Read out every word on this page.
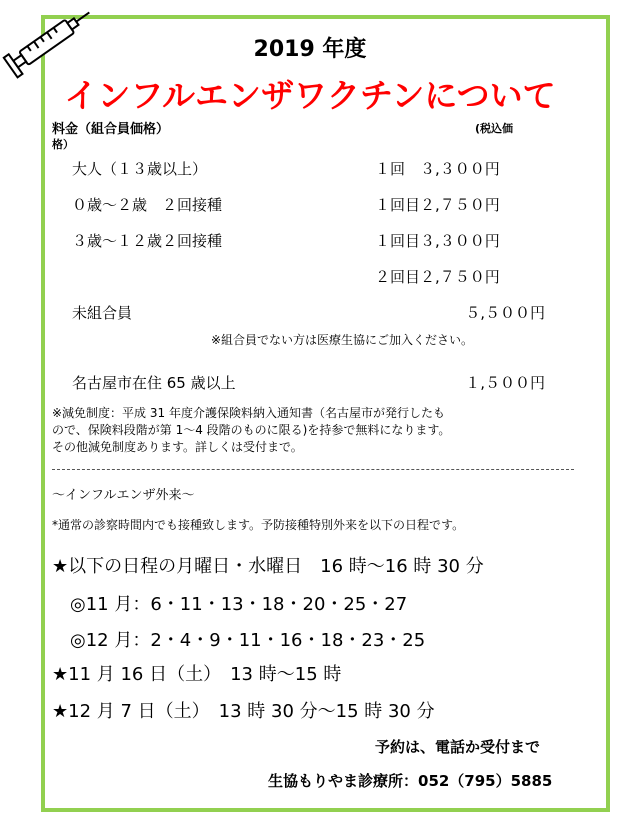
2019 年度
インフルエンザワクチンについて
料金（組合員価格）	(税込価
格）
大人（１３歳以上）	１回　３,３００円
０歳～２歳　２回接種	１回目２,７５０円
３歳～１２歳２回接種	１回目３,３００円
２回目２,７５０円
未組合員	５,５００円
※組合員でない方は医療生協にご加入ください。
名古屋市在住 65 歳以上	１,５００円
※減免制度：平成 31 年度介護保険料納入通知書（名古屋市が発行したも
ので、保険料段階が第 1～4 段階のものに限る)を持参で無料になります。
その他減免制度あります。詳しくは受付まで。
～インフルエンザ外来～
*通常の診察時間内でも接種致します。予防接種特別外来を以下の日程です。
★以下の日程の月曜日・水曜日　16 時～16 時 30 分
　◎11 月：6・11・13・18・20・25・27
　◎12 月：2・4・9・11・16・18・23・25
★11 月 16 日（土）　13 時～15 時
★12 月 7 日（土）　13 時 30 分～15 時 30 分
予約は、電話か受付まで
生協もりやま診療所：052（795）5885
